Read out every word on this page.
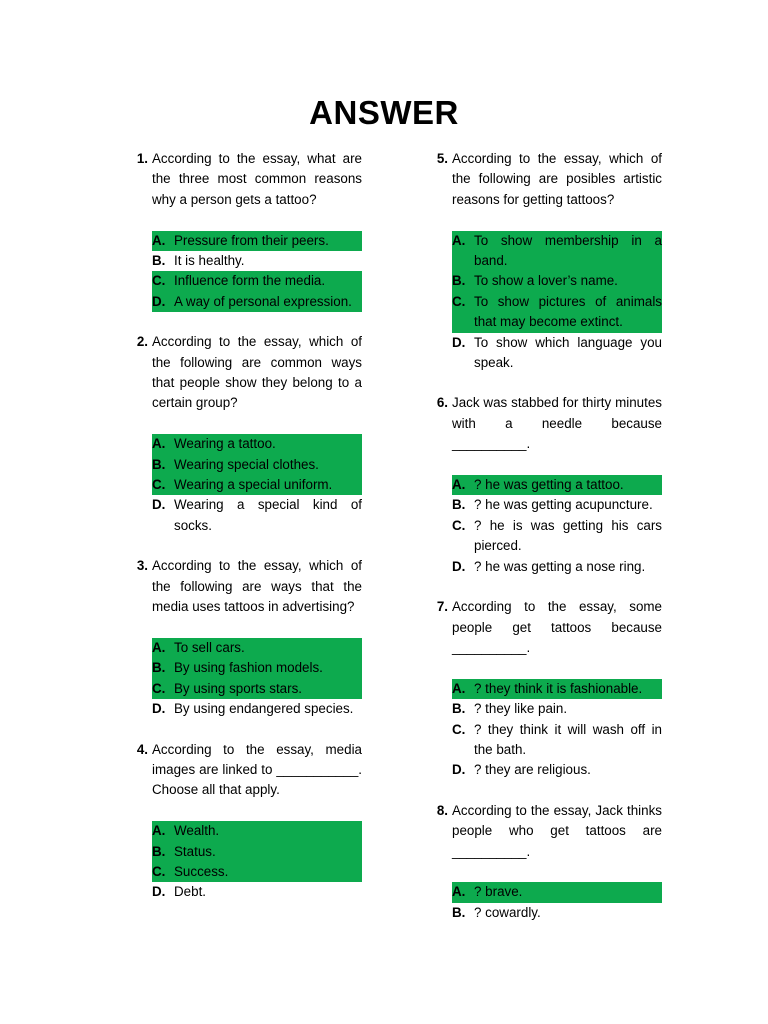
ANSWER
1. According to the essay, what are the three most common reasons why a person gets a tattoo?
A. Pressure from their peers.
B. It is healthy.
C. Influence form the media.
D. A way of personal expression.
2. According to the essay, which of the following are common ways that people show they belong to a certain group?
A. Wearing a tattoo.
B. Wearing special clothes.
C. Wearing a special uniform.
D. Wearing a special kind of socks.
3. According to the essay, which of the following are ways that the media uses tattoos in advertising?
A. To sell cars.
B. By using fashion models.
C. By using sports stars.
D. By using endangered species.
4. According to the essay, media images are linked to ___________. Choose all that apply.
A. Wealth.
B. Status.
C. Success.
D. Debt.
5. According to the essay, which of the following are posibles artistic reasons for getting tattoos?
A. To show membership in a band.
B. To show a lover’s name.
C. To show pictures of animals that may become extinct.
D. To show which language you speak.
6. Jack was stabbed for thirty minutes with a needle because __________.
A. ? he was getting a tattoo.
B. ? he was getting acupuncture.
C. ? he is was getting his cars pierced.
D. ? he was getting a nose ring.
7. According to the essay, some people get tattoos because __________.
A. ? they think it is fashionable.
B. ? they like pain.
C. ? they think it will wash off in the bath.
D. ? they are religious.
8. According to the essay, Jack thinks people who get tattoos are __________.
A. ? brave.
B. ? cowardly.
